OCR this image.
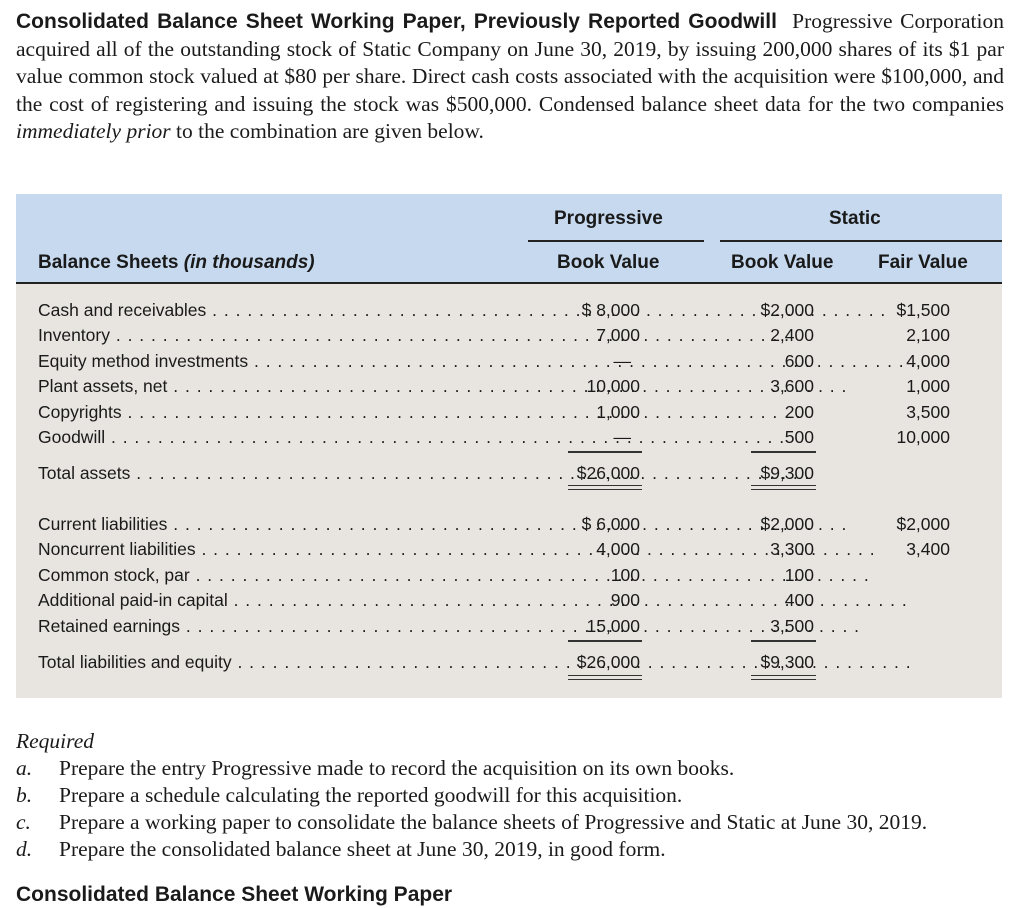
Consolidated Balance Sheet Working Paper, Previously Reported Goodwill Progressive Corporation acquired all of the outstanding stock of Static Company on June 30, 2019, by issuing 200,000 shares of its $1 par value common stock valued at $80 per share. Direct cash costs associated with the acquisition were $100,000, and the cost of registering and issuing the stock was $500,000. Condensed balance sheet data for the two companies immediately prior to the combination are given below.

Progressive	Static
Balance Sheets (in thousands)	Book Value	Book Value Fair Value
Cash and receivables . . .	$ 8,000	$2,000	$1,500
Inventory . . .	7,000	2,400	2,100
Equity method investments . . .	—	600	4,000
Plant assets, net . . .	10,000	3,600	1,000
Copyrights . . .	1,000	200	3,500
Goodwill . . .	—	500	10,000
Total assets . . .	$26,000	$9,300
Current liabilities . . .	$ 6,000	$2,000	$2,000
Noncurrent liabilities . . .	4,000	3,300	3,400
Common stock, par . . .	100	100
Additional paid-in capital . . .	900	400
Retained earnings . . .	15,000	3,500
Total liabilities and equity . . .	$26,000	$9,300
Required
a. Prepare the entry Progressive made to record the acquisition on its own books.
b. Prepare a schedule calculating the reported goodwill for this acquisition.
c. Prepare a working paper to consolidate the balance sheets of Progressive and Static at June 30, 2019.
d. Prepare the consolidated balance sheet at June 30, 2019, in good form.
Consolidated Balance Sheet Working Paper
